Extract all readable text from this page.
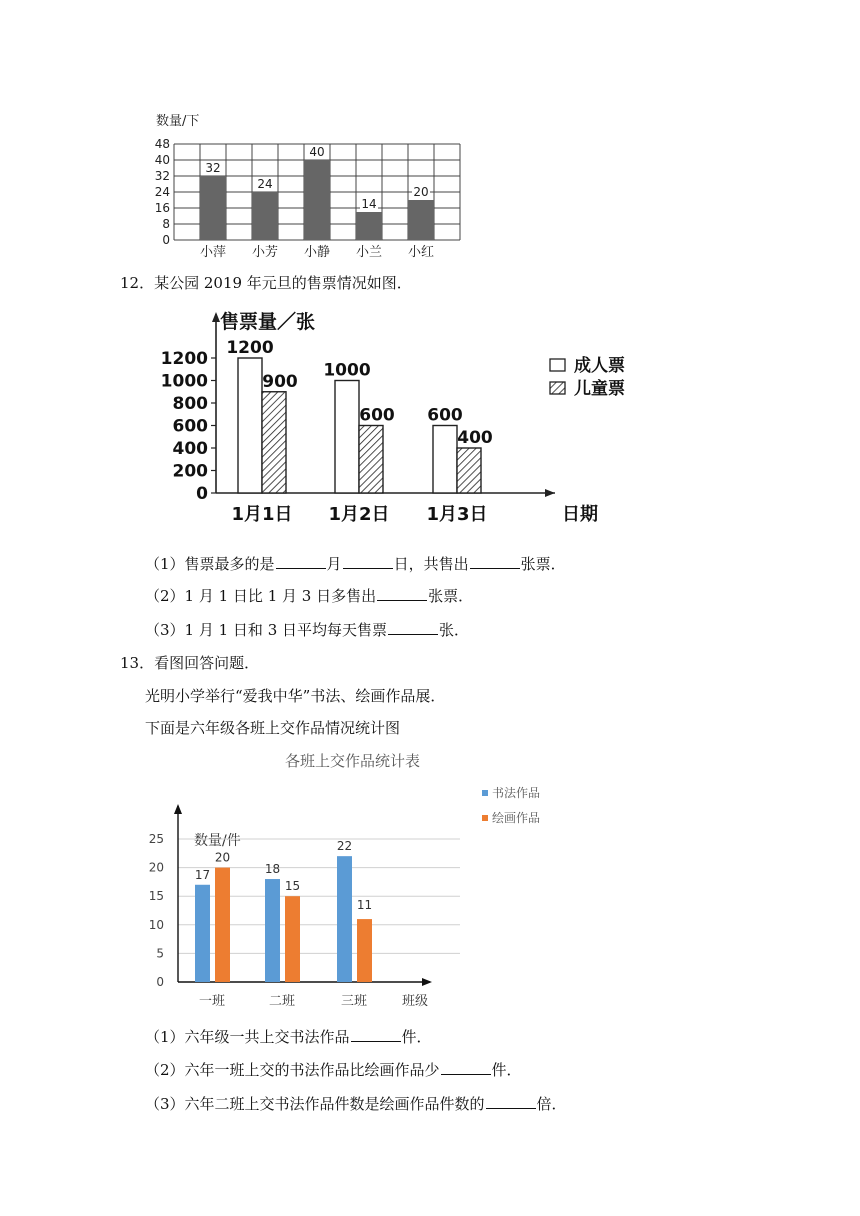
数量/下
0
8
16
24
32
40
48
32
小萍
24
小芳
40
小静
14
小兰
20
小红
12．某公园 2019 年元旦的售票情况如图．
售票量／张
0
200
400
600
800
1000
1200
日期
1200
900
1月1日
1000
600
1月2日
600
400
1月3日
成人票
儿童票
（1）售票最多的是	月	日，共售出	张票．
（2）1 月 1 日比 1 月 3 日多售出	张票．
（3）1 月 1 日和 3 日平均每天售票	张．
13．看图回答问题．
光明小学举行“爱我中华”书法、绘画作品展．
下面是六年级各班上交作品情况统计图
各班上交作品统计表
数量/件
0
5
10
15
20
25
班级
17
20
一班
18
15
二班
22
11
三班
书法作品
绘画作品
（1）六年级一共上交书法作品	件．
（2）六年一班上交的书法作品比绘画作品少	件．
（3）六年二班上交书法作品件数是绘画作品件数的	倍．
